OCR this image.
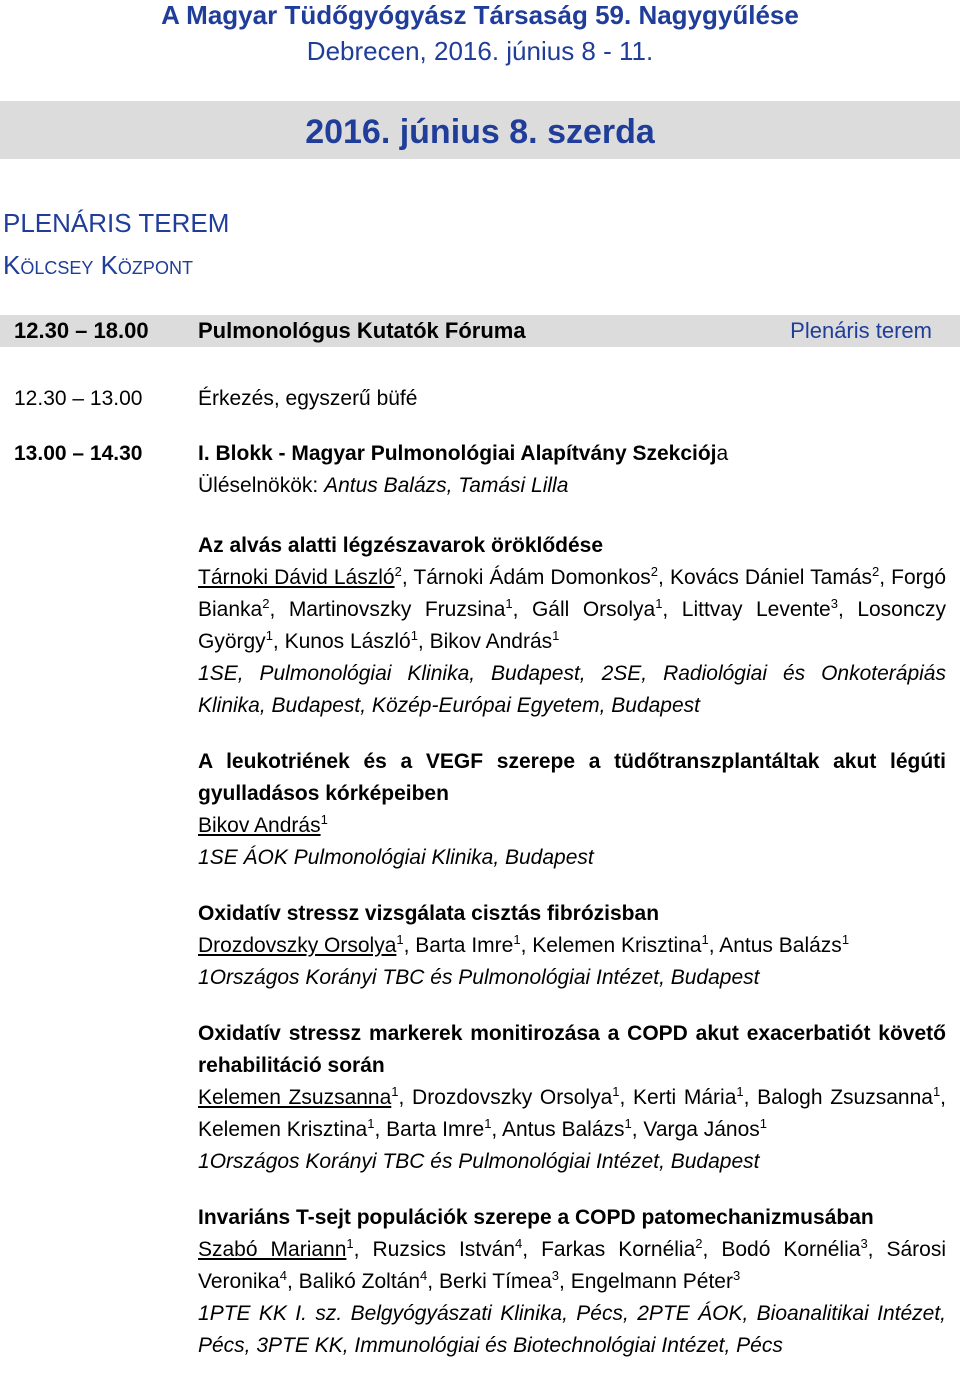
A Magyar Tüdőgyógyász Társaság 59. Nagygyűlése
Debrecen, 2016. június 8 - 11.
2016. június 8. szerda
PLENÁRIS TEREM
Kölcsey Központ
12.30 – 18.00 Pulmonológus Kutatók Fóruma	Plenáris terem
12.30 – 13.00	Érkezés, egyszerű büfé
13.00 – 14.30	I. Blokk - Magyar Pulmonológiai Alapítvány Szekciója
Üléselnökök: Antus Balázs, Tamási Lilla

Az alvás alatti légzészavarok öröklődése

Tárnoki Dávid László$^2$, Tárnoki Ádám Domonkos$^2$, Kovács Dániel Tamás$^2$, Forgó Bianka$^2$, Martinovszky Fruzsina$^1$, Gáll Orsolya$^1$, Littvay Levente$^3$, Losonczy György$^1$, Kunos László$^1$, Bikov András$^1$

1SE, Pulmonológiai Klinika, Budapest, 2SE, Radiológiai és Onkoterápiás Klinika, Budapest, Közép-Európai Egyetem, Budapest

A leukotriének és a VEGF szerepe a tüdőtranszplantáltak akut légúti gyulladásos kórképeiben

Bikov András$^1$

1SE ÁOK Pulmonológiai Klinika, Budapest

Oxidatív stressz vizsgálata cisztás fibrózisban

Drozdovszky Orsolya$^1$, Barta Imre$^1$, Kelemen Krisztina$^1$, Antus Balázs$^1$

1Országos Korányi TBC és Pulmonológiai Intézet, Budapest

Oxidatív stressz markerek monitirozása a COPD akut exacerbatiót követő rehabilitáció során

Kelemen Zsuzsanna$^1$, Drozdovszky Orsolya$^1$, Kerti Mária$^1$, Balogh Zsuzsanna$^1$, Kelemen Krisztina$^1$, Barta Imre$^1$, Antus Balázs$^1$, Varga János$^1$

1Országos Korányi TBC és Pulmonológiai Intézet, Budapest

Invariáns T-sejt populációk szerepe a COPD patomechanizmusában

Szabó Mariann$^1$, Ruzsics István$^4$, Farkas Kornélia$^2$, Bodó Kornélia$^3$, Sárosi Veronika$^4$, Balikó Zoltán$^4$, Berki Tímea$^3$, Engelmann Péter$^3$

1PTE KK I. sz. Belgyógyászati Klinika, Pécs, 2PTE ÁOK, Bioanalitikai Intézet, Pécs, 3PTE KK, Immunológiai és Biotechnológiai Intézet, Pécs
